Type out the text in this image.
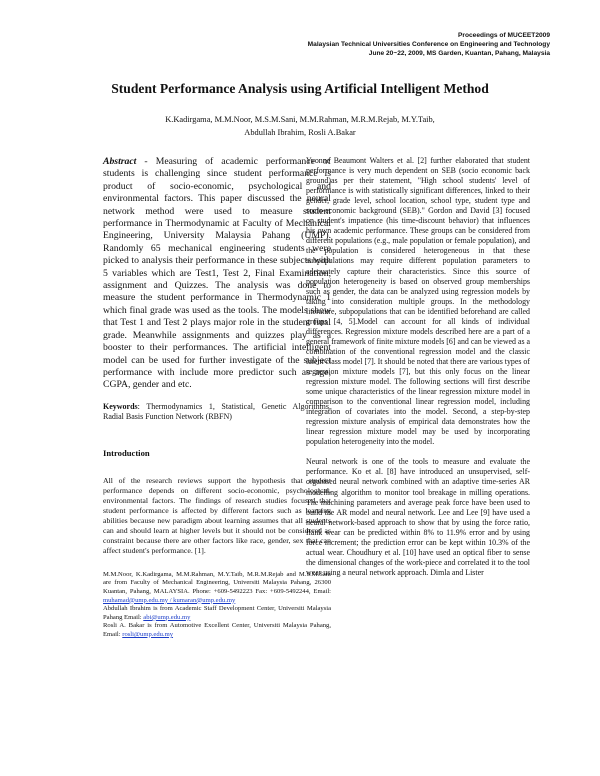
Proceedings of MUCEET2009
Malaysian Technical Universities Conference on Engineering and Technology
June 20~22, 2009, MS Garden, Kuantan, Pahang, Malaysia
Student Performance Analysis using Artificial Intelligent Method
K.Kadirgama, M.M.Noor, M.S.M.Sani, M.M.Rahman, M.R.M.Rejab, M.Y.Taib,
Abdullah Ibrahim, Rosli A.Bakar

Abstract - Measuring of academic performance of students is challenging since student performance is product of socio-economic, psychological and environmental factors. This paper discussed the neural network method were used to measure student performance in Thermodynamic at Faculty of Mechanical Engineering, University Malaysia Pahang (UMP). Randomly 65 mechanical engineering students were picked to analysis their performance in these subjects with 5 variables which are Test1, Test 2, Final Examination, assignment and Quizzes. The analysis was done to measure the student performance in Thermodynamic 1 which final grade was used as the tools. The models show that Test 1 and Test 2 plays major role in the student final grade. Meanwhile assignments and quizzes play as a booster to their performances. The artificial intelligent model can be used for further investigate of the subject performance with include more predictor such as age, CGPA, gender and etc.

Keywords: Thermodynamics 1, Statistical, Genetic Algorithms, Radial Basis Function Network (RBFN)

Introduction

All of the research reviews support the hypothesis that student performance depends on different socio-economic, psychological, environmental factors. The findings of research studies focused that student performance is affected by different factors such as learning abilities because new paradigm about learning assumes that all students can and should learn at higher levels but it should not be considered as constraint because there are other factors like race, gender, sex that can affect student's performance. [1].

M.M.Noor, K.Kadirgama, M.M.Rahman, M.Y.Taib, M.R.M.Rejab and M.S.M.Sani are from Faculty of Mechanical Engineering, Universiti Malaysia Pahang, 26300 Kuantan, Pahang, MALAYSIA. Phone: +609-5492223 Fax: +609-5492244, Email: muhamad@ump.edu.my / kumaran@ump.edu.my

Abdullah Ibrahim is from Academic Staff Development Center, Universiti Malaysia Pahang Email: abi@ump.edu.my

Rosli A. Bakar is from Automotive Excellent Center, Universiti Malaysia Pahang, Email: rosli@ump.edu.my

Yvonne Beaumont Walters et al. [2] further elaborated that student performance is very much dependent on SEB (socio economic back ground)as per their statement, "High school students' level of performance is with statistically significant differences, linked to their gender, grade level, school location, school type, student type and socio-economic background (SEB)." Gordon and David [3] focused on student's impatience (his time-discount behavior) that influences his own academic performance. These groups can be considered from different populations (e.g., male population or female population), and the population is considered heterogeneous in that these subpopulations may require different population parameters to adequately capture their characteristics. Since this source of population heterogeneity is based on observed group memberships such as gender, the data can be analyzed using regression models by taking into consideration multiple groups. In the methodology literature, subpopulations that can be identified beforehand are called groups [4, 5].Model can account for all kinds of individual differences. Regression mixture models described here are a part of a general framework of finite mixture models [6] and can be viewed as a combination of the conventional regression model and the classic latent class model [7]. It should be noted that there are various types of regression mixture models [7], but this only focus on the linear regression mixture model. The following sections will first describe some unique characteristics of the linear regression mixture model in comparison to the conventional linear regression model, including integration of covariates into the model. Second, a step-by-step regression mixture analysis of empirical data demonstrates how the linear regression mixture model may be used by incorporating population heterogeneity into the model.

Neural network is one of the tools to measure and evaluate the performance. Ko et al. [8] have introduced an unsupervised, self-organised neural network combined with an adaptive time-series AR modelling algorithm to monitor tool breakage in milling operations. The machining parameters and average peak force have been used to build the AR model and neural network. Lee and Lee [9] have used a neural network-based approach to show that by using the force ratio, flank wear can be predicted within 8% to 11.9% error and by using force increment; the prediction error can be kept within 10.3% of the actual wear. Choudhury et al. [10] have used an optical fiber to sense the dimensional changes of the work-piece and correlated it to the tool wear using a neural network approach. Dimla and Lister
